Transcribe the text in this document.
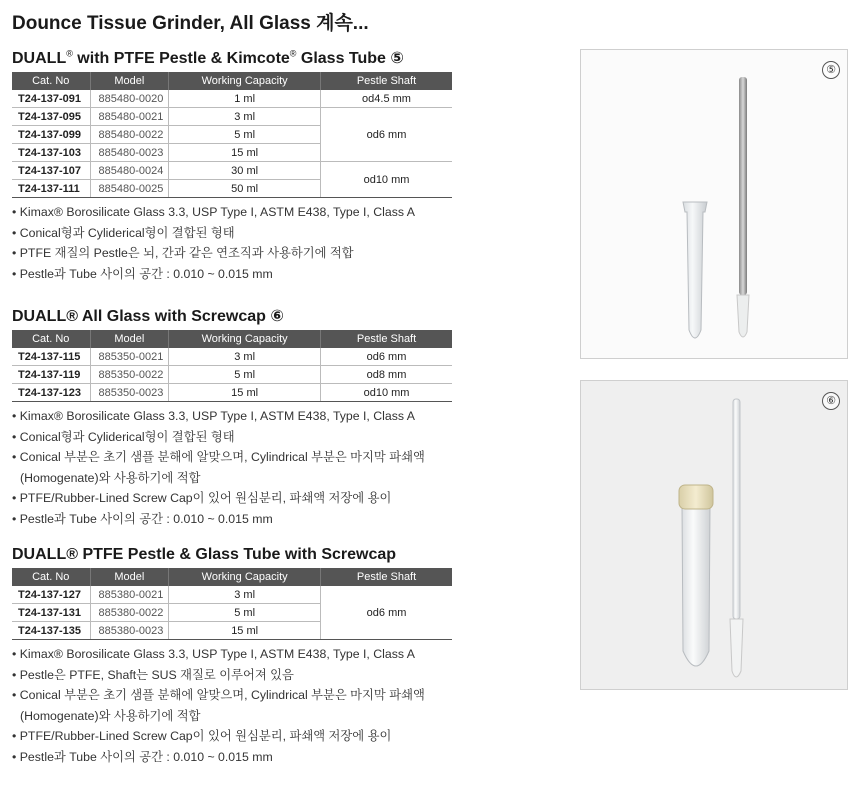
Dounce Tissue Grinder, All Glass 계속...
DUALL® with PTFE Pestle & Kimcote® Glass Tube ⑤
Cat. No	Model	Working Capacity	Pestle Shaft
T24-137-091	885480-0020	1 ml	od4.5 mm
T24-137-095	885480-0021	3 ml	od6 mm
T24-137-099	885480-0022	5 ml	
T24-137-103	885480-0023	15 ml	
T24-137-107	885480-0024	30 ml	od10 mm
T24-137-111	885480-0025	50 ml	
• Kimax® Borosilicate Glass 3.3, USP Type I, ASTM E438, Type I, Class A
• Conical형과 Cyliderical형이 결합된 형태
• PTFE 재질의 Pestle은 뇌, 간과 같은 연조직과 사용하기에 적합
• Pestle과 Tube 사이의 공간 : 0.010 ~ 0.015 mm
DUALL® All Glass with Screwcap ⑥
Cat. No	Model	Working Capacity	Pestle Shaft
T24-137-115	885350-0021	3 ml	od6 mm
T24-137-119	885350-0022	5 ml	od8 mm
T24-137-123	885350-0023	15 ml	od10 mm
• Kimax® Borosilicate Glass 3.3, USP Type I, ASTM E438, Type I, Class A
• Conical형과 Cyliderical형이 결합된 형태
• Conical 부분은 초기 샘플 분해에 알맞으며, Cylindrical 부분은 마지막 파쇄액
(Homogenate)와 사용하기에 적합
• PTFE/Rubber-Lined Screw Cap이 있어 원심분리, 파쇄액 저장에 용이
• Pestle과 Tube 사이의 공간 : 0.010 ~ 0.015 mm
DUALL® PTFE Pestle & Glass Tube with Screwcap
Cat. No	Model	Working Capacity	Pestle Shaft
T24-137-127	885380-0021	3 ml	od6 mm
T24-137-131	885380-0022	5 ml	
T24-137-135	885380-0023	15 ml	
• Kimax® Borosilicate Glass 3.3, USP Type I, ASTM E438, Type I, Class A
• Pestle은 PTFE, Shaft는 SUS 재질로 이루어져 있음
• Conical 부분은 초기 샘플 분해에 알맞으며, Cylindrical 부분은 마지막 파쇄액
(Homogenate)와 사용하기에 적합
• PTFE/Rubber-Lined Screw Cap이 있어 원심분리, 파쇄액 저장에 용이
• Pestle과 Tube 사이의 공간 : 0.010 ~ 0.015 mm
⑤
⑥
